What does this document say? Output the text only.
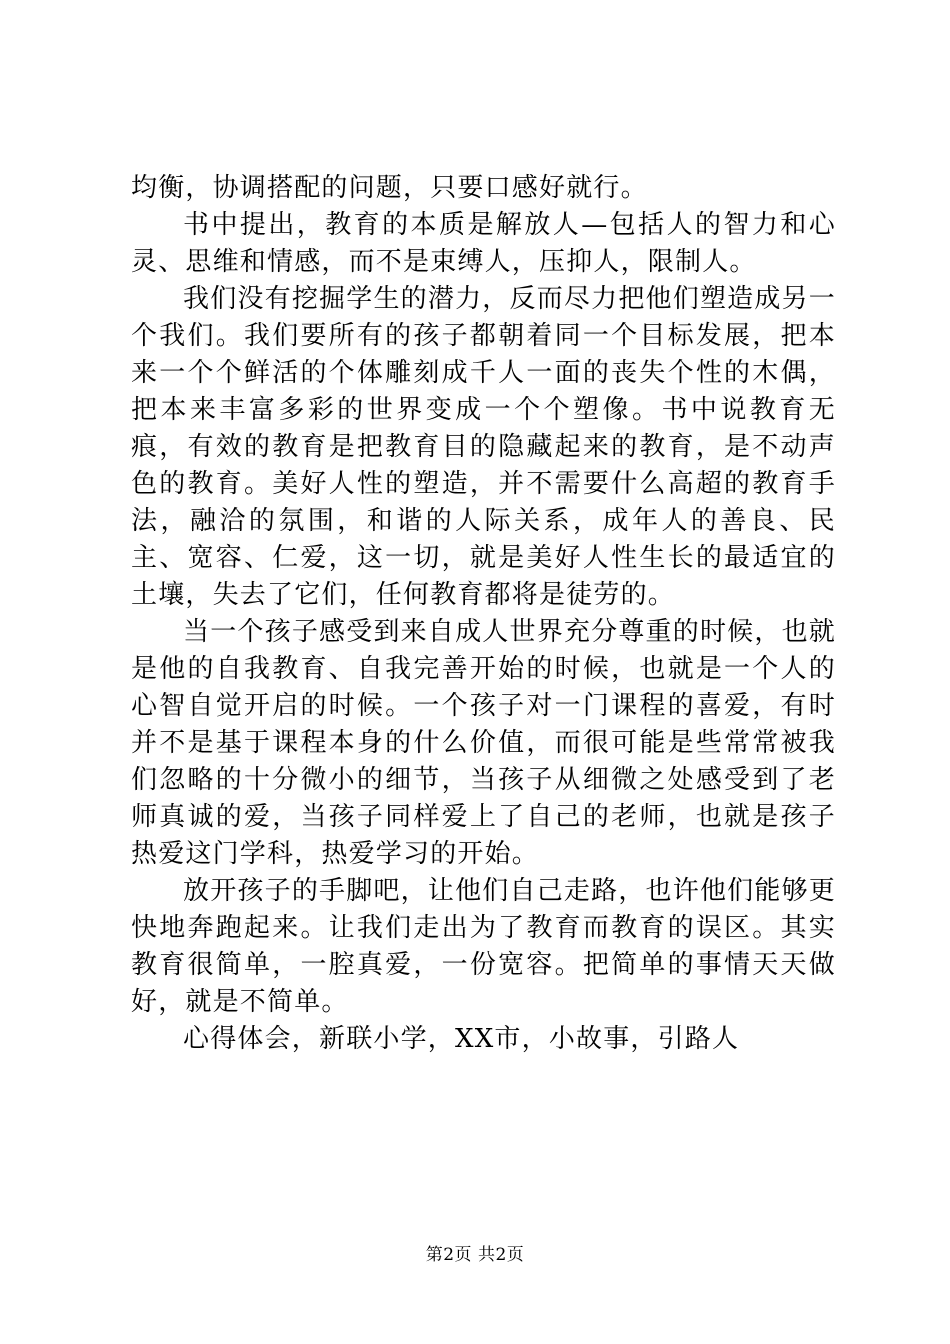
均衡，协调搭配的问题，只要口感好就行。

书中提出，教育的本质是解放人—包括人的智力和心灵、思维和情感，而不是束缚人，压抑人，限制人。

我们没有挖掘学生的潜力，反而尽力把他们塑造成另一个我们。我们要所有的孩子都朝着同一个目标发展，把本来一个个鲜活的个体雕刻成千人一面的丧失个性的木偶，把本来丰富多彩的世界变成一个个塑像。书中说教育无痕，有效的教育是把教育目的隐藏起来的教育，是不动声色的教育。美好人性的塑造，并不需要什么高超的教育手法，融洽的氛围，和谐的人际关系，成年人的善良、民主、宽容、仁爱，这一切，就是美好人性生长的最适宜的土壤，失去了它们，任何教育都将是徒劳的。

当一个孩子感受到来自成人世界充分尊重的时候，也就是他的自我教育、自我完善开始的时候，也就是一个人的心智自觉开启的时候。一个孩子对一门课程的喜爱，有时并不是基于课程本身的什么价值，而很可能是些常常被我们忽略的十分微小的细节，当孩子从细微之处感受到了老师真诚的爱，当孩子同样爱上了自己的老师，也就是孩子热爱这门学科，热爱学习的开始。

放开孩子的手脚吧，让他们自己走路，也许他们能够更快地奔跑起来。让我们走出为了教育而教育的误区。其实教育很简单，一腔真爱，一份宽容。把简单的事情天天做好，就是不简单。

心得体会，新联小学，XX市，小故事，引路人

第2页 共2页
